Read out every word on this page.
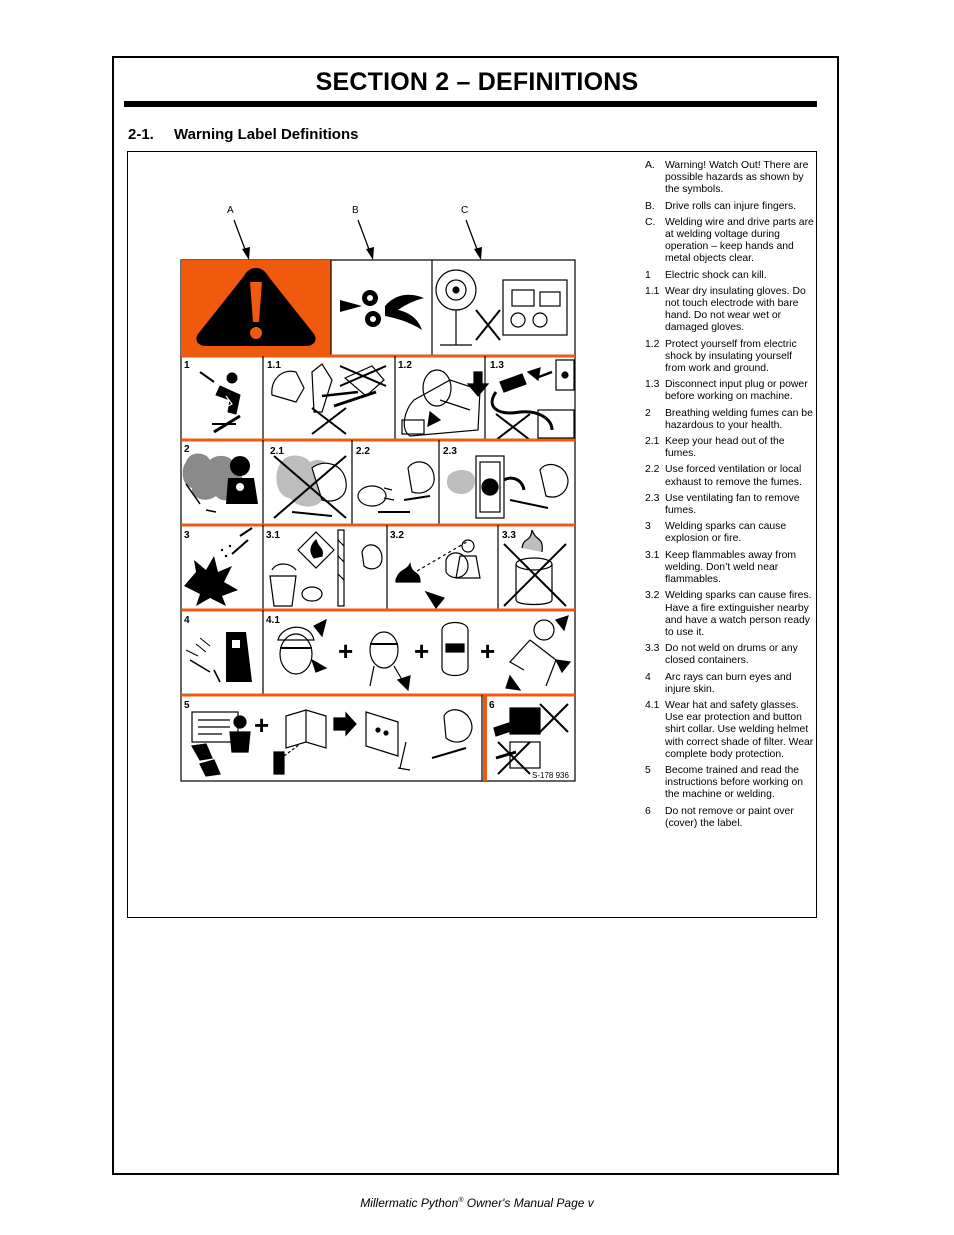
SECTION 2 – DEFINITIONS
2-1. Warning Label Definitions
A	B	C
1	1.1	1.2	1.3
2	2.1	2.2	2.3
3	3.1	3.2	3.3
4	4.1
+ + +
5	6
+
S-178 936
A. Warning! Watch Out! There are possible hazards as shown by the symbols.
B. Drive rolls can injure fingers.
C. Welding wire and drive parts are at welding voltage during operation – keep hands and metal objects clear.
1	Electric shock can kill.
1.1 Wear dry insulating gloves. Do not touch electrode with bare hand. Do not wear wet or damaged gloves.
1.2 Protect yourself from electric shock by insulating yourself from work and ground.
1.3 Disconnect input plug or power before working on machine.
2	Breathing welding fumes can be hazardous to your health.
2.1 Keep your head out of the fumes.
2.2 Use forced ventilation or local exhaust to remove the fumes.
2.3 Use ventilating fan to remove fumes.
3	Welding sparks can cause explosion or fire.
3.1 Keep flammables away from welding. Don’t weld near flammables.
3.2 Welding sparks can cause fires. Have a fire extinguisher nearby and have a watch person ready to use it.
3.3 Do not weld on drums or any closed containers.
4	Arc rays can burn eyes and injure skin.
4.1 Wear hat and safety glasses. Use ear protection and button shirt collar. Use welding helmet with correct shade of filter. Wear complete body protection.
5	Become trained and read the instructions before working on the machine or welding.
6	Do not remove or paint over (cover) the label.
Millermatic Python® Owner's Manual Page v
